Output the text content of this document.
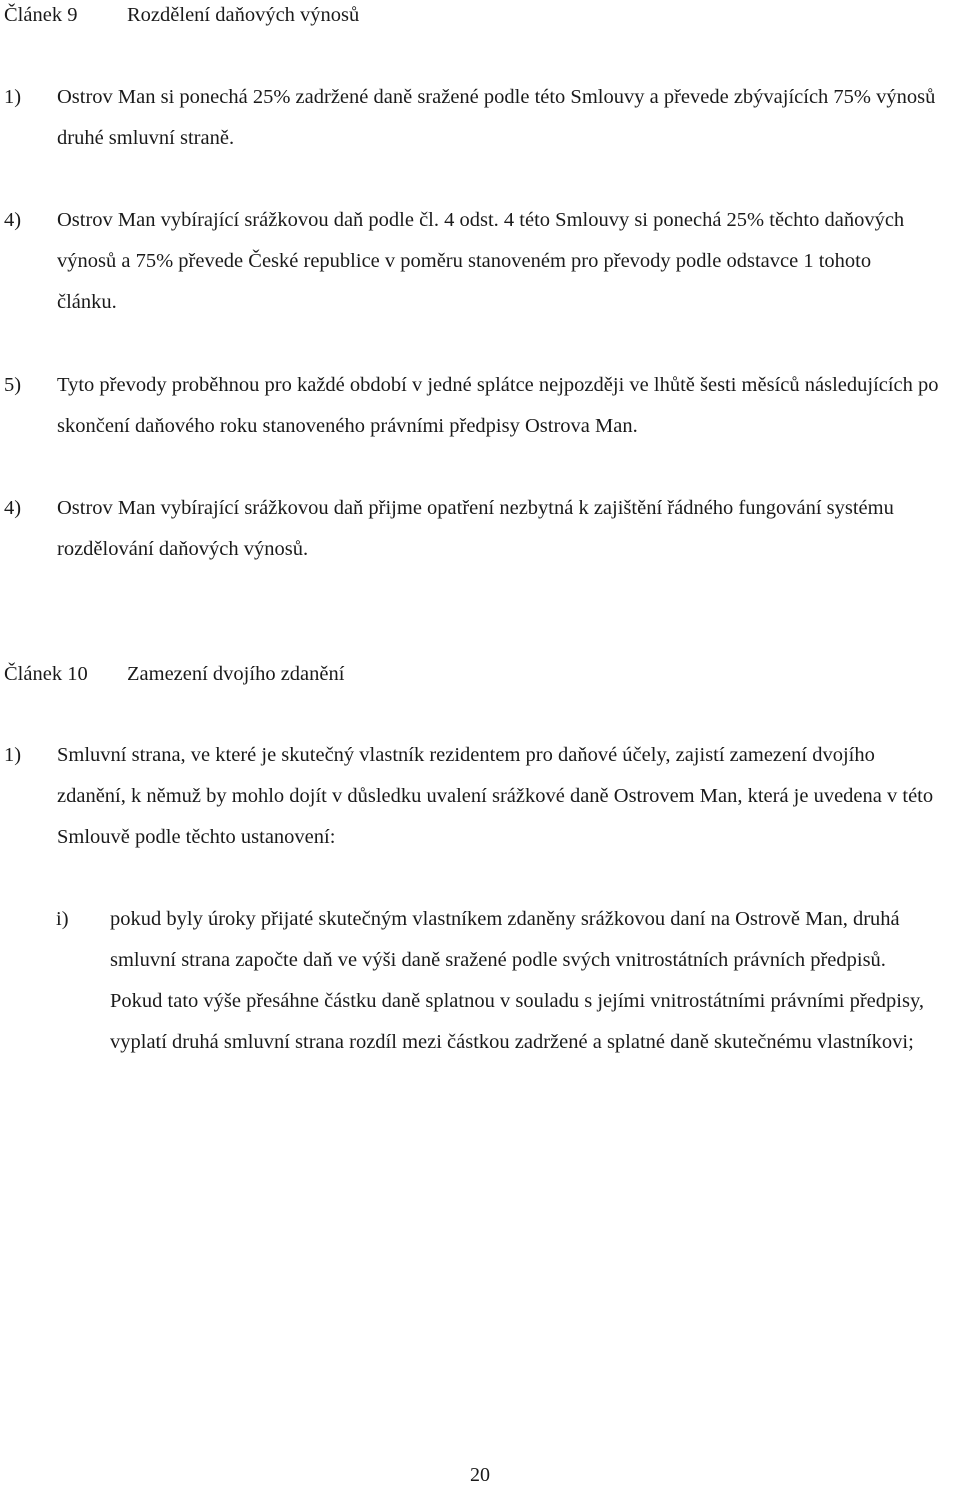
Článek 9 Rozdělení daňových výnosů
1) Ostrov Man si ponechá 25% zadržené daně sražené podle této Smlouvy a převede zbývajících 75% výnosů druhé smluvní straně.
4) Ostrov Man vybírající srážkovou daň podle čl. 4 odst. 4 této Smlouvy si ponechá 25% těchto daňových výnosů a 75% převede České republice v poměru stanoveném pro převody podle odstavce 1 tohoto článku.
5) Tyto převody proběhnou pro každé období v jedné splátce nejpozději ve lhůtě šesti měsíců následujících po skončení daňového roku stanoveného právními předpisy Ostrova Man.
4) Ostrov Man vybírající srážkovou daň přijme opatření nezbytná k zajištění řádného fungování systému rozdělování daňových výnosů.
Článek 10 Zamezení dvojího zdanění
1) Smluvní strana, ve které je skutečný vlastník rezidentem pro daňové účely, zajistí zamezení dvojího zdanění, k němuž by mohlo dojít v důsledku uvalení srážkové daně Ostrovem Man, která je uvedena v této Smlouvě podle těchto ustanovení:
i) pokud byly úroky přijaté skutečným vlastníkem zdaněny srážkovou daní na Ostrově Man, druhá smluvní strana započte daň ve výši daně sražené podle svých vnitrostátních právních předpisů. Pokud tato výše přesáhne částku daně splatnou v souladu s jejími vnitrostátními právními předpisy, vyplatí druhá smluvní strana rozdíl mezi částkou zadržené a splatné daně skutečnému vlastníkovi;
20
